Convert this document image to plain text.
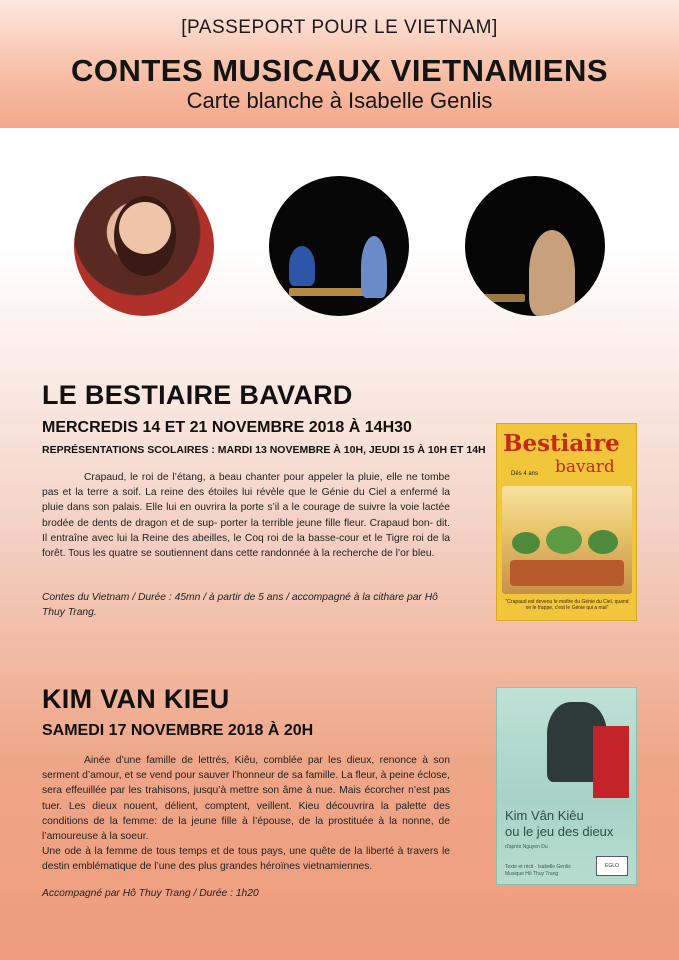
[PASSEPORT POUR LE VIETNAM]
CONTES MUSICAUX VIETNAMIENS
Carte blanche à Isabelle Genlis
LE BESTIAIRE BAVARD
MERCREDIS 14 ET 21 NOVEMBRE 2018 À 14H30
REPRÉSENTATIONS SCOLAIRES : MARDI 13 NOVEMBRE À 10H, JEUDI 15 À 10H ET 14H
Crapaud, le roi de l’étang, a beau chanter pour appeler la pluie, elle ne tombe pas et la terre a soif. La reine des étoiles lui révèle que le Génie du Ciel a enfermé la pluie dans son palais. Elle lui en ouvrira la porte s’il a le courage de suivre la voie lactée brodée de dents de dragon et de sup- porter la terrible jeune fille fleur. Crapaud bon- dit. Il entraîne avec lui la Reine des abeilles, le Coq roi de la basse-cour et le Tigre roi de la forêt. Tous les quatre se soutiennent dans cette randonnée à la recherche de l’or bleu.
Contes du Vietnam / Durée : 45mn / à partir de 5 ans / accompagné à la cithare par Hô Thuy Trang.
Bestiaire
bavard
Dès 4 ans
"Crapaud est devenu le maître du Génie du Ciel, quand on le frappe, c'est le Génie qui a mal"
KIM VAN KIEU
SAMEDI 17 NOVEMBRE 2018 À 20H
Ainée d’une famille de lettrés, Kiêu, comblée par les dieux, renonce à son serment d’amour, et se vend pour sauver l’honneur de sa famille. La fleur, à peine éclose, sera effeuillée par les trahisons, jusqu’à mettre son âme à nue. Mais écorcher n’est pas tuer. Les dieux nouent, délient, comptent, veillent. Kieu découvrira la palette des conditions de la femme: de la jeune fille à l’épouse, de la prostituée à la nonne, de l’amoureuse à la soeur.
Une ode à la femme de tous temps et de tous pays, une quête de la liberté à travers le destin emblématique de l’une des plus grandes héroïnes vietnamiennes.
Accompagné par Hô Thuy Trang / Durée : 1h20
Kim Vân Kiêu
ou le jeu des dieux
d'après Nguyen Du
Texte et récit · Isabelle Genlis
Musique Hô Thuy Trang
EGLO
